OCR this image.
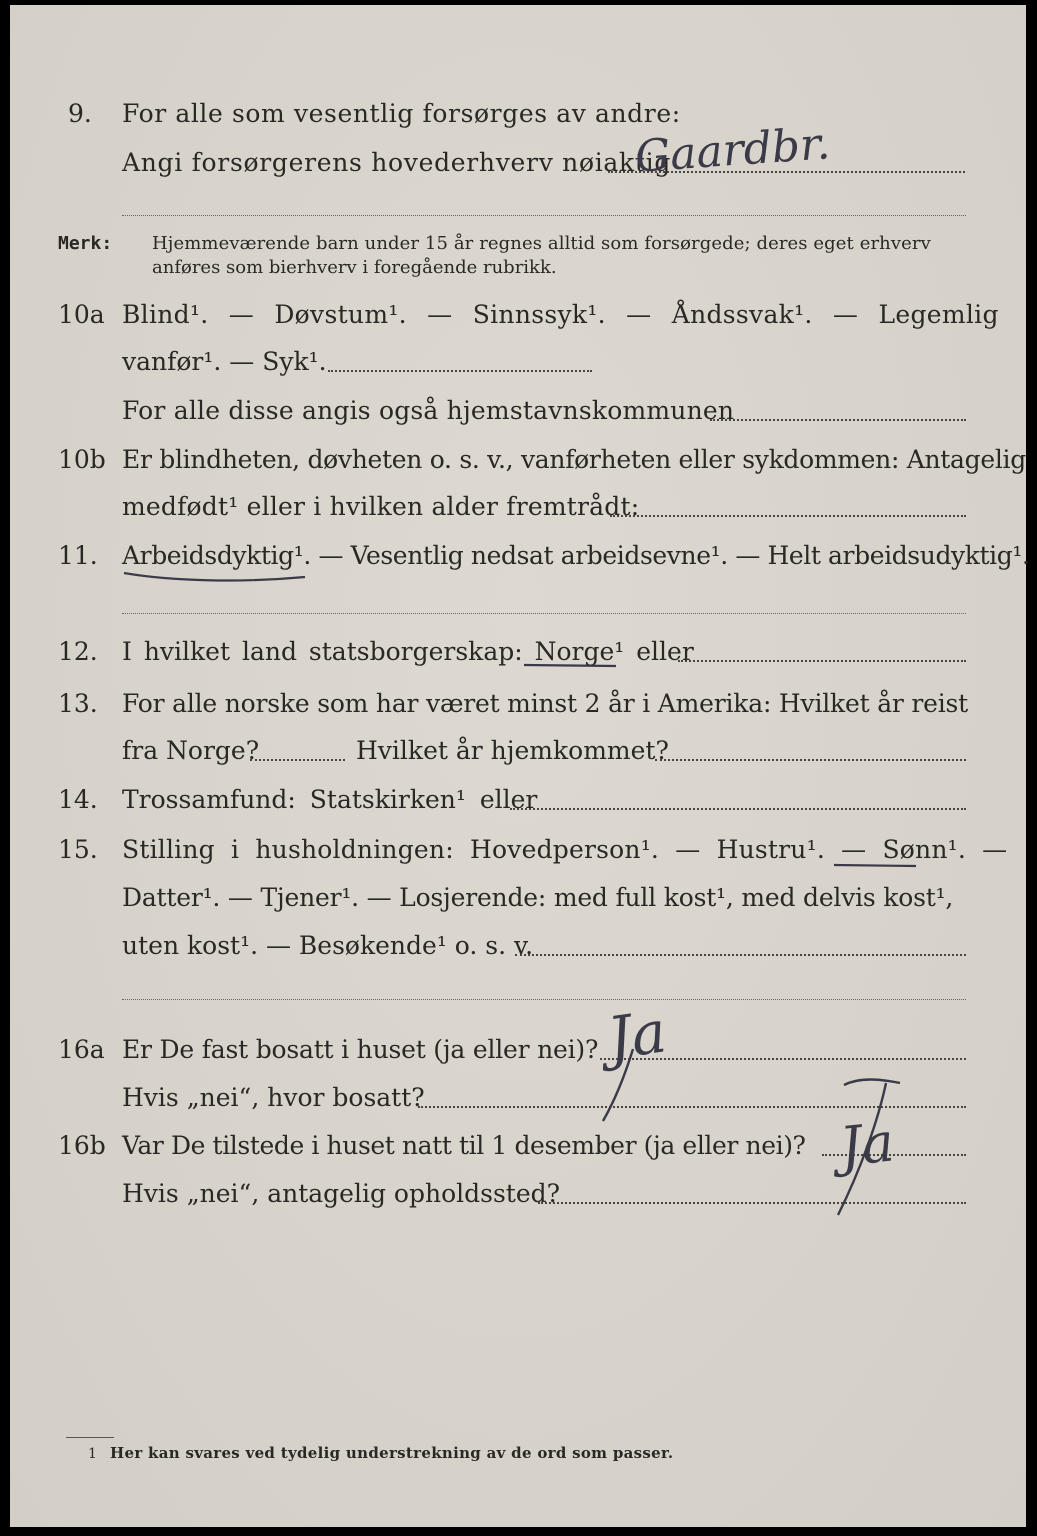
9. For alle som vesentlig forsørges av andre:
Angi forsørgerens hovederhverv nøiaktig
Gaardbr.
Merk: Hjemmeværende barn under 15 år regnes alltid som forsørgede; deres eget erhverv
anføres som bierhverv i foregående rubrikk.
10a Blind¹. — Døvstum¹. — Sinnssyk¹. — Åndssvak¹. — Legemlig
vanfør¹. — Syk¹.
For alle disse angis også hjemstavnskommunen
10b Er blindheten, døvheten o. s. v., vanførheten eller sykdommen: Antagelig
medfødt¹ eller i hvilken alder fremtrådt:
11. Arbeidsdyktig¹. — Vesentlig nedsat arbeidsevne¹. — Helt arbeidsudyktig¹.
12. I hvilket land statsborgerskap: Norge¹ eller
13. For alle norske som har været minst 2 år i Amerika: Hvilket år reist
fra Norge?	Hvilket år hjemkommet?
14. Trossamfund: Statskirken¹ eller
15. Stilling i husholdningen: Hovedperson¹. — Hustru¹. — Sønn¹. —
Datter¹. — Tjener¹. — Losjerende: med full kost¹, med delvis kost¹,
uten kost¹. — Besøkende¹ o. s. v.
16a Er De fast bosatt i huset (ja eller nei)?
Hvis „nei“, hvor bosatt?
Ja
16b Var De tilstede i huset natt til 1 desember (ja eller nei)?
Hvis „nei“, antagelig opholdssted?
Ja
1 Her kan svares ved tydelig understrekning av de ord som passer.
